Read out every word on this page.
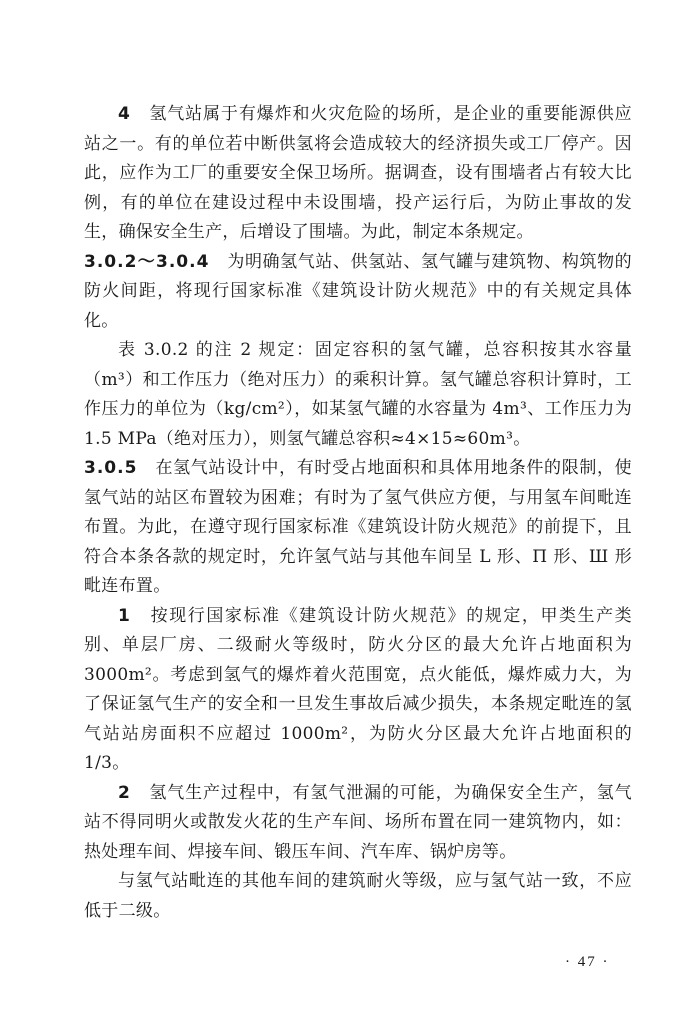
4　 氢气站属于有爆炸和火灾危险的场所，是企业的重要能源供应站之一。有的单位若中断供氢将会造成较大的经济损失或工厂停产。因此，应作为工厂的重要安全保卫场所。据调查，设有围墙者占有较大比例，有的单位在建设过程中未设围墙，投产运行后，为防止事故的发生，确保安全生产，后增设了围墙。为此，制定本条规定。

3.0.2～3.0.4　 为明确氢气站、供氢站、氢气罐与建筑物、构筑物的防火间距，将现行国家标准《建筑设计防火规范》中的有关规定具体化。

表 3.0.2 的注 2 规定：固定容积的氢气罐，总容积按其水容量（m³）和工作压力（绝对压力）的乘积计算。氢气罐总容积计算时，工作压力的单位为（kg/cm²），如某氢气罐的水容量为 4m³、工作压力为 1.5 MPa（绝对压力），则氢气罐总容积≈4×15≈60m³。

3.0.5　 在氢气站设计中，有时受占地面积和具体用地条件的限制，使氢气站的站区布置较为困难；有时为了氢气供应方便，与用氢车间毗连布置。为此，在遵守现行国家标准《建筑设计防火规范》的前提下，且符合本条各款的规定时，允许氢气站与其他车间呈 L 形、Π 形、Ш 形毗连布置。

1　 按现行国家标准《建筑设计防火规范》的规定，甲类生产类别、单层厂房、二级耐火等级时，防火分区的最大允许占地面积为 3000m²。考虑到氢气的爆炸着火范围宽，点火能低，爆炸威力大，为了保证氢气生产的安全和一旦发生事故后减少损失，本条规定毗连的氢气站站房面积不应超过 1000m²，为防火分区最大允许占地面积的 1/3。

2　 氢气生产过程中，有氢气泄漏的可能，为确保安全生产，氢气站不得同明火或散发火花的生产车间、场所布置在同一建筑物内，如：热处理车间、焊接车间、锻压车间、汽车库、锅炉房等。

与氢气站毗连的其他车间的建筑耐火等级，应与氢气站一致，不应低于二级。

· 47 ·
